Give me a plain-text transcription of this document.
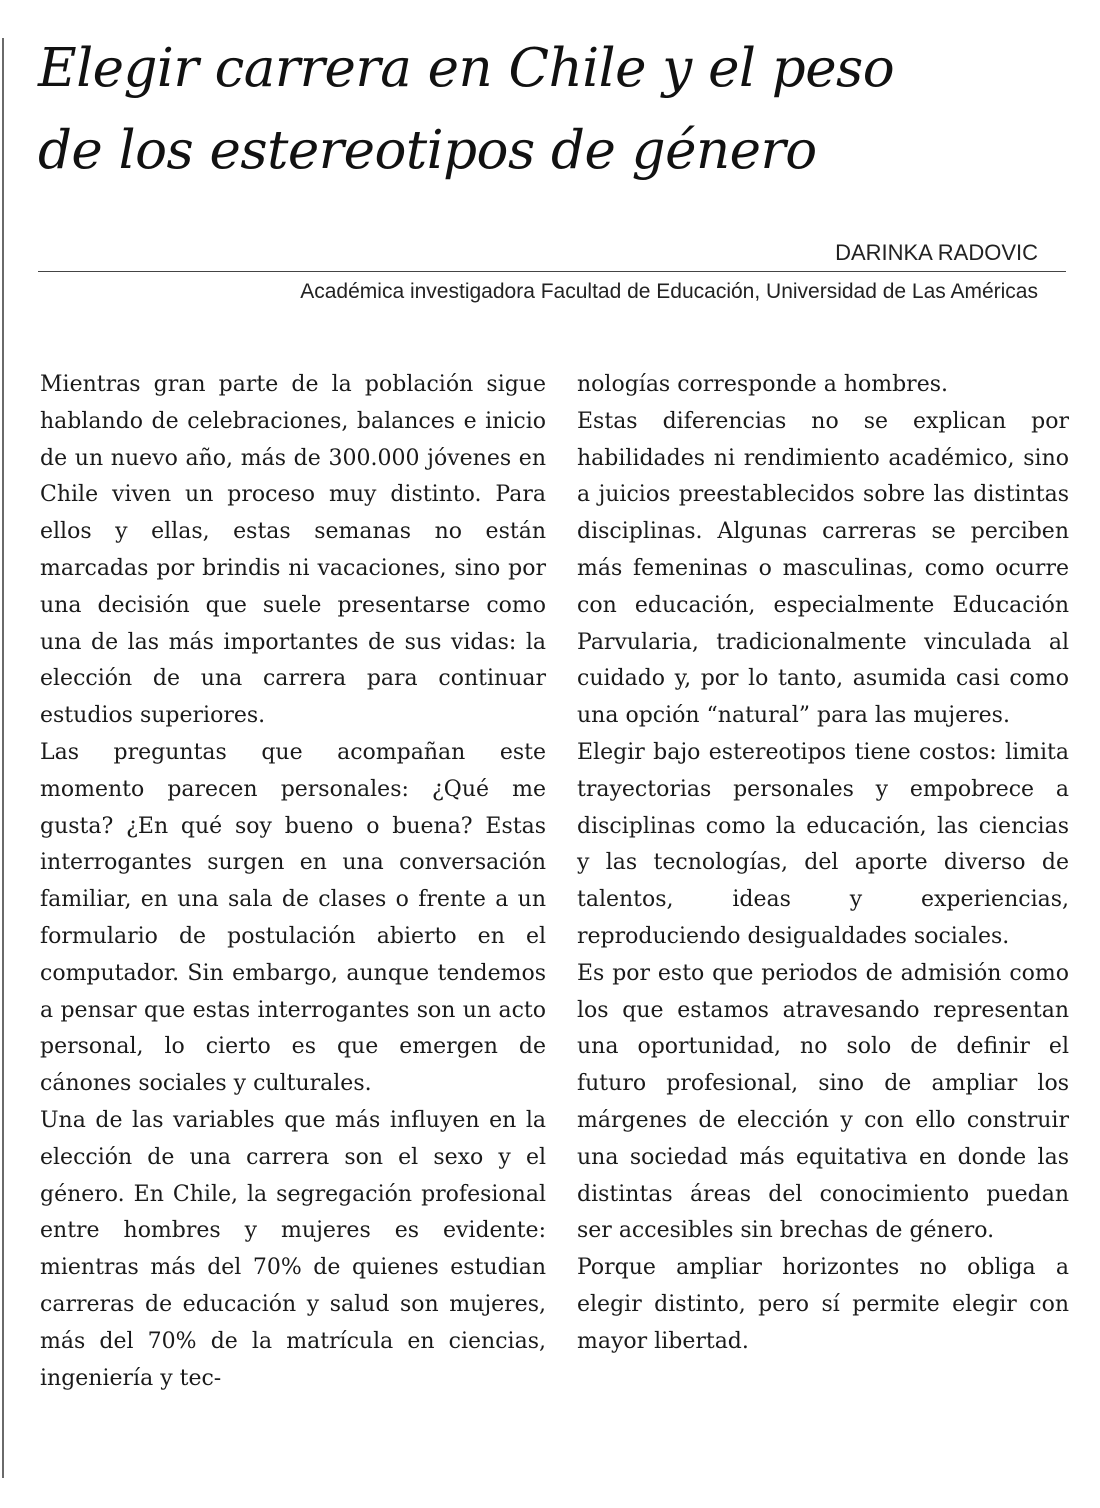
Elegir carrera en Chile y el peso
de los estereotipos de género
DARINKA RADOVIC
Académica investigadora Facultad de Educación, Universidad de Las Américas

Mientras gran parte de la población sigue hablando de celebraciones, balances e inicio de un nuevo año, más de 300.000 jóvenes en Chile viven un proceso muy distinto. Para ellos y ellas, estas semanas no están marcadas por brindis ni vacaciones, sino por una decisión que suele presentarse como una de las más importantes de sus vidas: la elección de una carrera para continuar estudios superiores.

Las preguntas que acompañan este momento parecen personales: ¿Qué me gusta? ¿En qué soy bueno o buena? Estas interrogantes surgen en una conversación familiar, en una sala de clases o frente a un formulario de postulación abierto en el computador. Sin embargo, aunque tendemos a pensar que estas interrogantes son un acto personal, lo cierto es que emergen de cánones sociales y culturales.

Una de las variables que más influyen en la elección de una carrera son el sexo y el género. En Chile, la segregación profesional entre hombres y mujeres es evidente: mientras más del 70% de quienes estudian carreras de educación y salud son mujeres, más del 70% de la matrícula en ciencias, ingeniería y tec-

nologías corresponde a hombres.

Estas diferencias no se explican por habilidades ni rendimiento académico, sino a juicios preestablecidos sobre las distintas disciplinas. Algunas carreras se perciben más femeninas o masculinas, como ocurre con educación, especialmente Educación Parvularia, tradicionalmente vinculada al cuidado y, por lo tanto, asumida casi como una opción “natural” para las mujeres.

Elegir bajo estereotipos tiene costos: limita trayectorias personales y empobrece a disciplinas como la educación, las ciencias y las tecnologías, del aporte diverso de talentos, ideas y experiencias, reproduciendo desigualdades sociales.

Es por esto que periodos de admisión como los que estamos atravesando representan una oportunidad, no solo de definir el futuro profesional, sino de ampliar los márgenes de elección y con ello construir una sociedad más equitativa en donde las distintas áreas del conocimiento puedan ser accesibles sin brechas de género.

Porque ampliar horizontes no obliga a elegir distinto, pero sí permite elegir con mayor libertad.
